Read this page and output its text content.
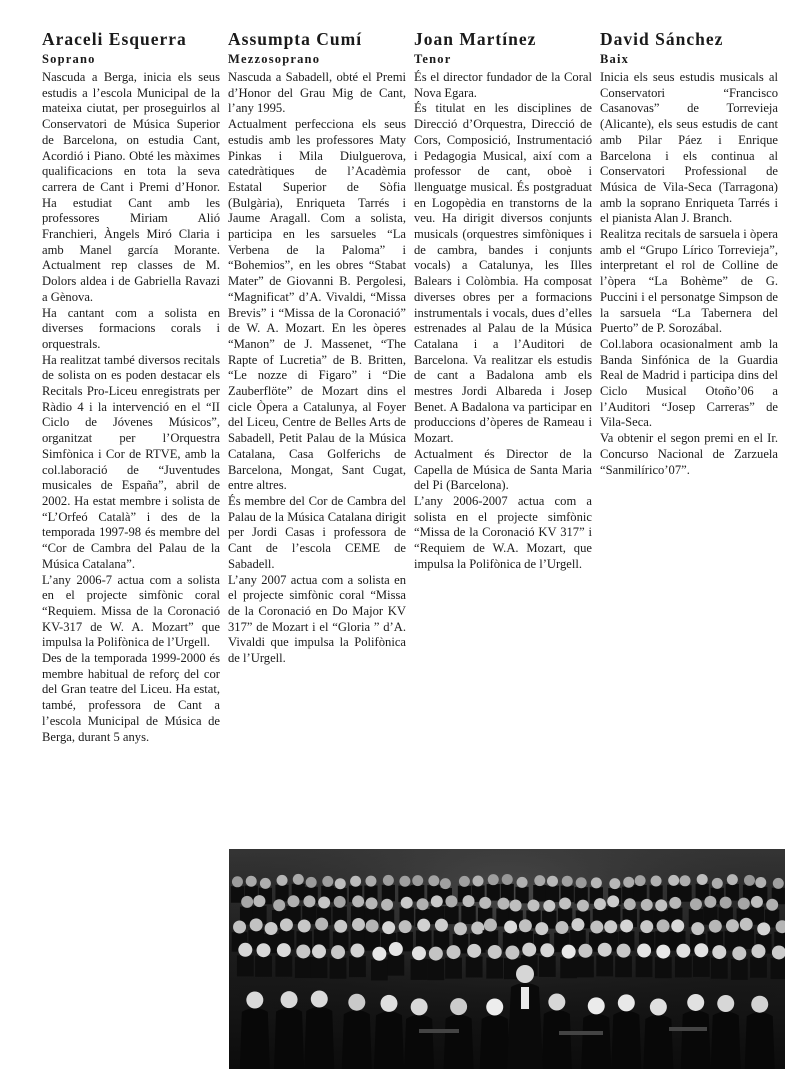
Araceli Esquerra
Soprano

Nascuda a Berga, inicia els seus estudis a l’escola Municipal de la mateixa ciutat, per proseguirlos al Conservatori de Música Superior de Barcelona, on estudia Cant, Acordió i Piano. Obté les màximes qualificacions en tota la seva carrera de Cant i Premi d’Honor. Ha estudiat Cant amb les professores Miriam Alió Franchieri, Àngels Miró Claria i amb Manel garcía Morante. Actualment rep classes de M. Dolors aldea i de Gabriella Ravazi a Gènova.

Ha cantant com a solista en diverses formacions corals i orquestrals.

Ha realitzat també diversos recitals de solista on es poden destacar els Recitals Pro-Liceu enregistrats per Ràdio 4 i la intervenció en el “II Ciclo de Jóvenes Músicos”, organitzat per l’Orquestra Simfònica i Cor de RTVE, amb la col.laboració de “Juventudes musicales de España”, abril de 2002. Ha estat membre i solista de “L’Orfeó Català” i des de la temporada 1997-98 és membre del “Cor de Cambra del Palau de la Música Catalana”.

L’any 2006-7 actua com a solista en el projecte simfònic coral “Requiem. Missa de la Coronació KV-317 de W. A. Mozart” que impulsa la Polifònica de l’Urgell.

Des de la temporada 1999-2000 és membre habitual de reforç del cor del Gran teatre del Liceu. Ha estat, també, professora de Cant a l’escola Municipal de Música de Berga, durant 5 anys.

Assumpta Cumí
Mezzosoprano

Nascuda a Sabadell, obté el Premi d’Honor del Grau Mig de Cant, l’any 1995.

Actualment perfecciona els seus estudis amb les professores Maty Pinkas i Mila Diulguerova, catedràtiques de l’Acadèmia Estatal Superior de Sòfia (Bulgària), Enriqueta Tarrés i Jaume Aragall. Com a solista, participa en les sarsueles “La Verbena de la Paloma” i “Bohemios”, en les obres “Stabat Mater” de Giovanni B. Pergolesi, “Magnificat” d’A. Vivaldi, “Missa Brevis” i “Missa de la Coronació” de W. A. Mozart. En les òperes “Manon” de J. Massenet, “The Rapte of Lucretia” de B. Britten, “Le nozze di Figaro” i “Die Zauberflöte” de Mozart dins el cicle Òpera a Catalunya, al Foyer del Liceu, Centre de Belles Arts de Sabadell, Petit Palau de la Música Catalana, Casa Golferichs de Barcelona, Mongat, Sant Cugat, entre altres.

És membre del Cor de Cambra del Palau de la Música Catalana dirigit per Jordi Casas i professora de Cant de l’escola CEME de Sabadell.

L’any 2007 actua com a solista en el projecte simfònic coral “Missa de la Coronació en Do Major KV 317” de Mozart i el “Gloria ” d’A. Vivaldi que impulsa la Polifònica de l’Urgell.

Joan Martínez
Tenor

És el director fundador de la Coral Nova Egara.

És titulat en les disciplines de Direcció d’Orquestra, Direcció de Cors, Composició, Instrumentació i Pedagogia Musical, així com a professor de cant, oboè i llenguatge musical. És postgraduat en Logopèdia en transtorns de la veu. Ha dirigit diversos conjunts musicals (orquestres simfòniques i de cambra, bandes i conjunts vocals) a Catalunya, les Illes Balears i Colòmbia. Ha composat diverses obres per a formacions instrumentals i vocals, dues d’elles estrenades al Palau de la Música Catalana i a l’Auditori de Barcelona. Va realitzar els estudis de cant a Badalona amb els mestres Jordi Albareda i Josep Benet. A Badalona va participar en produccions d’òperes de Rameau i Mozart.

Actualment és Director de la Capella de Música de Santa Maria del Pi (Barcelona).

L’any 2006-2007 actua com a solista en el projecte simfònic “Missa de la Coronació KV 317” i “Requiem de W.A. Mozart, que impulsa la Polifònica de l’Urgell.

David Sánchez
Baix

Inicia els seus estudis musicals al Conservatori “Francisco Casanovas” de Torrevieja (Alicante), els seus estudis de cant amb Pilar Páez i Enrique Barcelona i els continua al Conservatori Professional de Música de Vila-Seca (Tarragona) amb la soprano Enriqueta Tarrés i el pianista Alan J. Branch.

Realitza recitals de sarsuela i òpera amb el “Grupo Lírico Torrevieja”, interpretant el rol de Colline de l’òpera “La Bohème” de G. Puccini i el personatge Simpson de la sarsuela “La Tabernera del Puerto” de P. Sorozábal.

Col.labora ocasionalment amb la Banda Sinfónica de la Guardia Real de Madrid i participa dins del Ciclo Musical Otoño’06 a l’Auditori “Josep Carreras” de Vila-Seca.

Va obtenir el segon premi en el Ir. Concurso Nacional de Zarzuela “Sanmilírico’07”.
